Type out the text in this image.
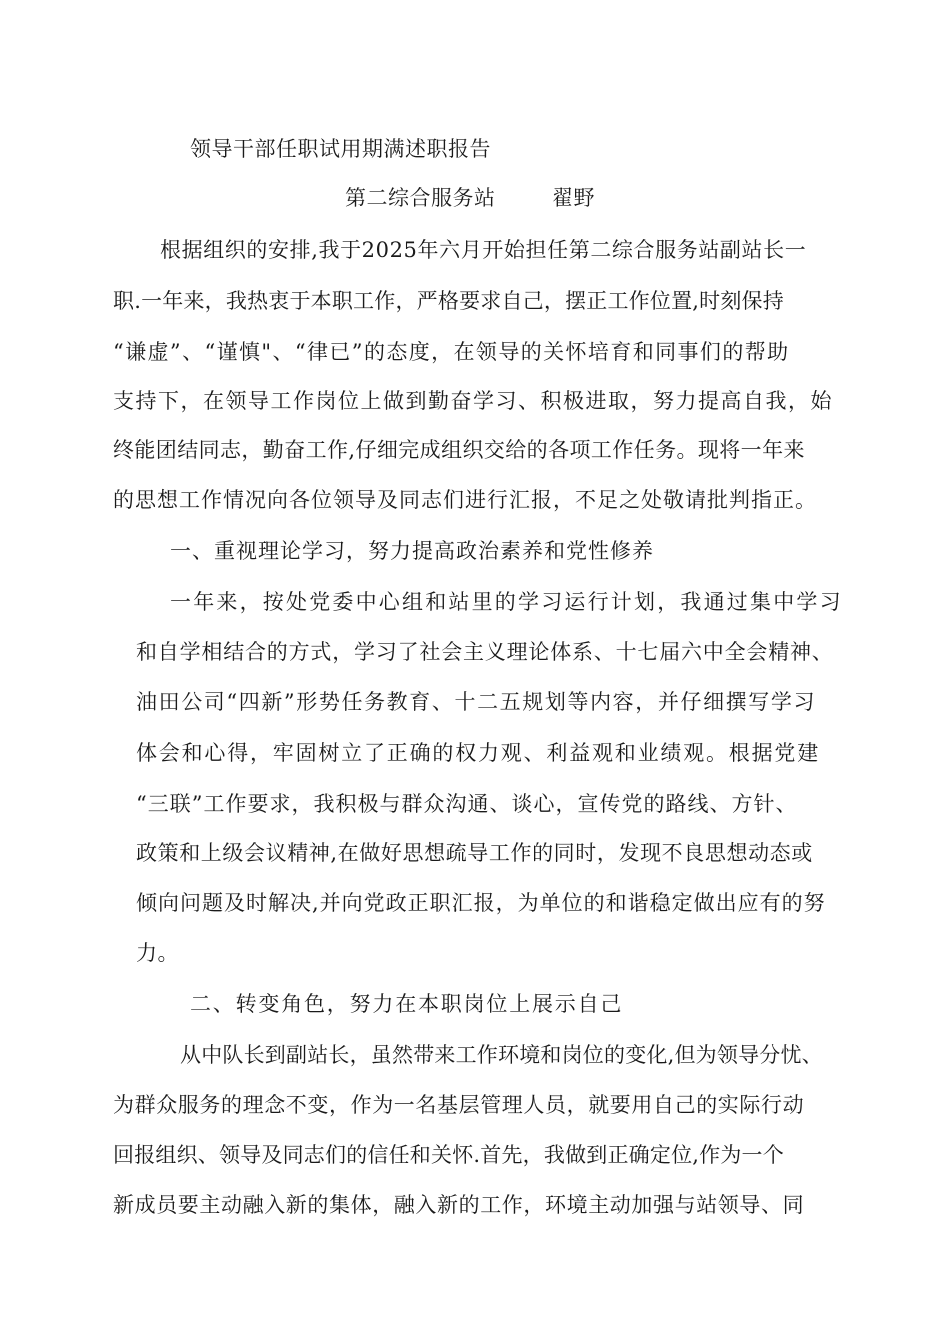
领导干部任职试用期满述职报告
第二综合服务站	翟野
根据组织的安排,我于2025年六月开始担任第二综合服务站副站长一
职.一年来，我热衷于本职工作，严格要求自己，摆正工作位置,时刻保持
“谦虚”、“谨慎"、“律已”的态度，在领导的关怀培育和同事们的帮助
支持下，在领导工作岗位上做到勤奋学习、积极进取，努力提高自我，始
终能团结同志，勤奋工作,仔细完成组织交给的各项工作任务。现将一年来
的思想工作情况向各位领导及同志们进行汇报，不足之处敬请批判指正。
一、重视理论学习，努力提高政治素养和党性修养
一年来，按处党委中心组和站里的学习运行计划，我通过集中学习
和自学相结合的方式，学习了社会主义理论体系、十七届六中全会精神、
油田公司“四新”形势任务教育、十二五规划等内容，并仔细撰写学习
体会和心得，牢固树立了正确的权力观、利益观和业绩观。根据党建
“三联”工作要求，我积极与群众沟通、谈心，宣传党的路线、方针、
政策和上级会议精神,在做好思想疏导工作的同时，发现不良思想动态或
倾向问题及时解决,并向党政正职汇报，为单位的和谐稳定做出应有的努
力。
二、转变角色，努力在本职岗位上展示自己
从中队长到副站长，虽然带来工作环境和岗位的变化,但为领导分忧、
为群众服务的理念不变，作为一名基层管理人员，就要用自己的实际行动
回报组织、领导及同志们的信任和关怀.首先，我做到正确定位,作为一个
新成员要主动融入新的集体，融入新的工作，环境主动加强与站领导、同
